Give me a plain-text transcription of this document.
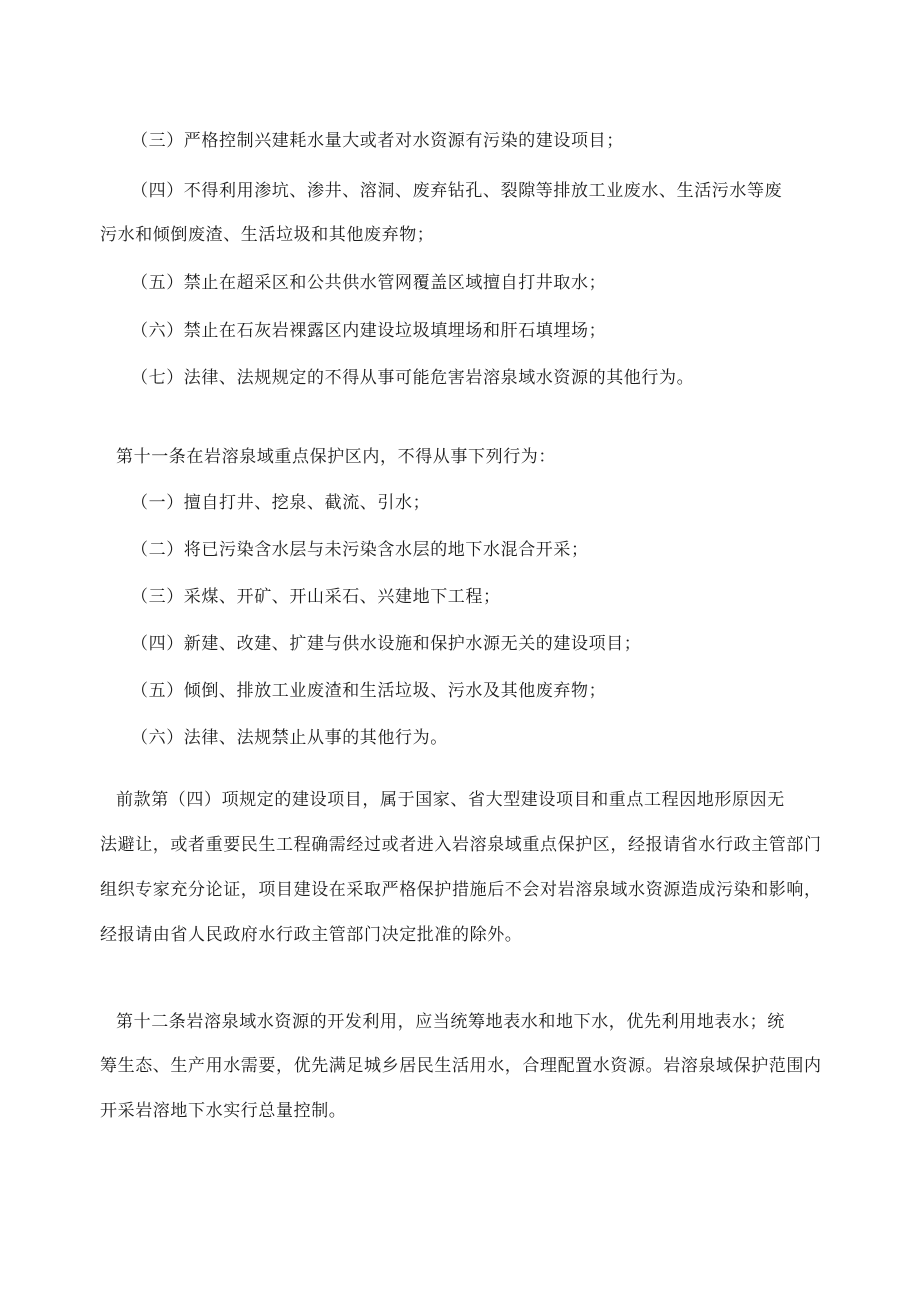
（三）严格控制兴建耗水量大或者对水资源有污染的建设项目；
（四）不得利用渗坑、渗井、溶洞、废弃钻孔、裂隙等排放工业废水、生活污水等废
污水和倾倒废渣、生活垃圾和其他废弃物；
（五）禁止在超采区和公共供水管网覆盖区域擅自打井取水；
（六）禁止在石灰岩裸露区内建设垃圾填埋场和肝石填埋场；
（七）法律、法规规定的不得从事可能危害岩溶泉域水资源的其他行为。
第十一条在岩溶泉域重点保护区内，不得从事下列行为：
（一）擅自打井、挖泉、截流、引水；
（二）将已污染含水层与未污染含水层的地下水混合开采；
（三）采煤、开矿、开山采石、兴建地下工程；
（四）新建、改建、扩建与供水设施和保护水源无关的建设项目；
（五）倾倒、排放工业废渣和生活垃圾、污水及其他废弃物；
（六）法律、法规禁止从事的其他行为。
前款第（四）项规定的建设项目，属于国家、省大型建设项目和重点工程因地形原因无
法避让，或者重要民生工程确需经过或者进入岩溶泉域重点保护区，经报请省水行政主管部门
组织专家充分论证，项目建设在采取严格保护措施后不会对岩溶泉域水资源造成污染和影响，
经报请由省人民政府水行政主管部门决定批准的除外。
第十二条岩溶泉域水资源的开发利用，应当统筹地表水和地下水，优先利用地表水；统
筹生态、生产用水需要，优先满足城乡居民生活用水，合理配置水资源。岩溶泉域保护范围内
开采岩溶地下水实行总量控制。
